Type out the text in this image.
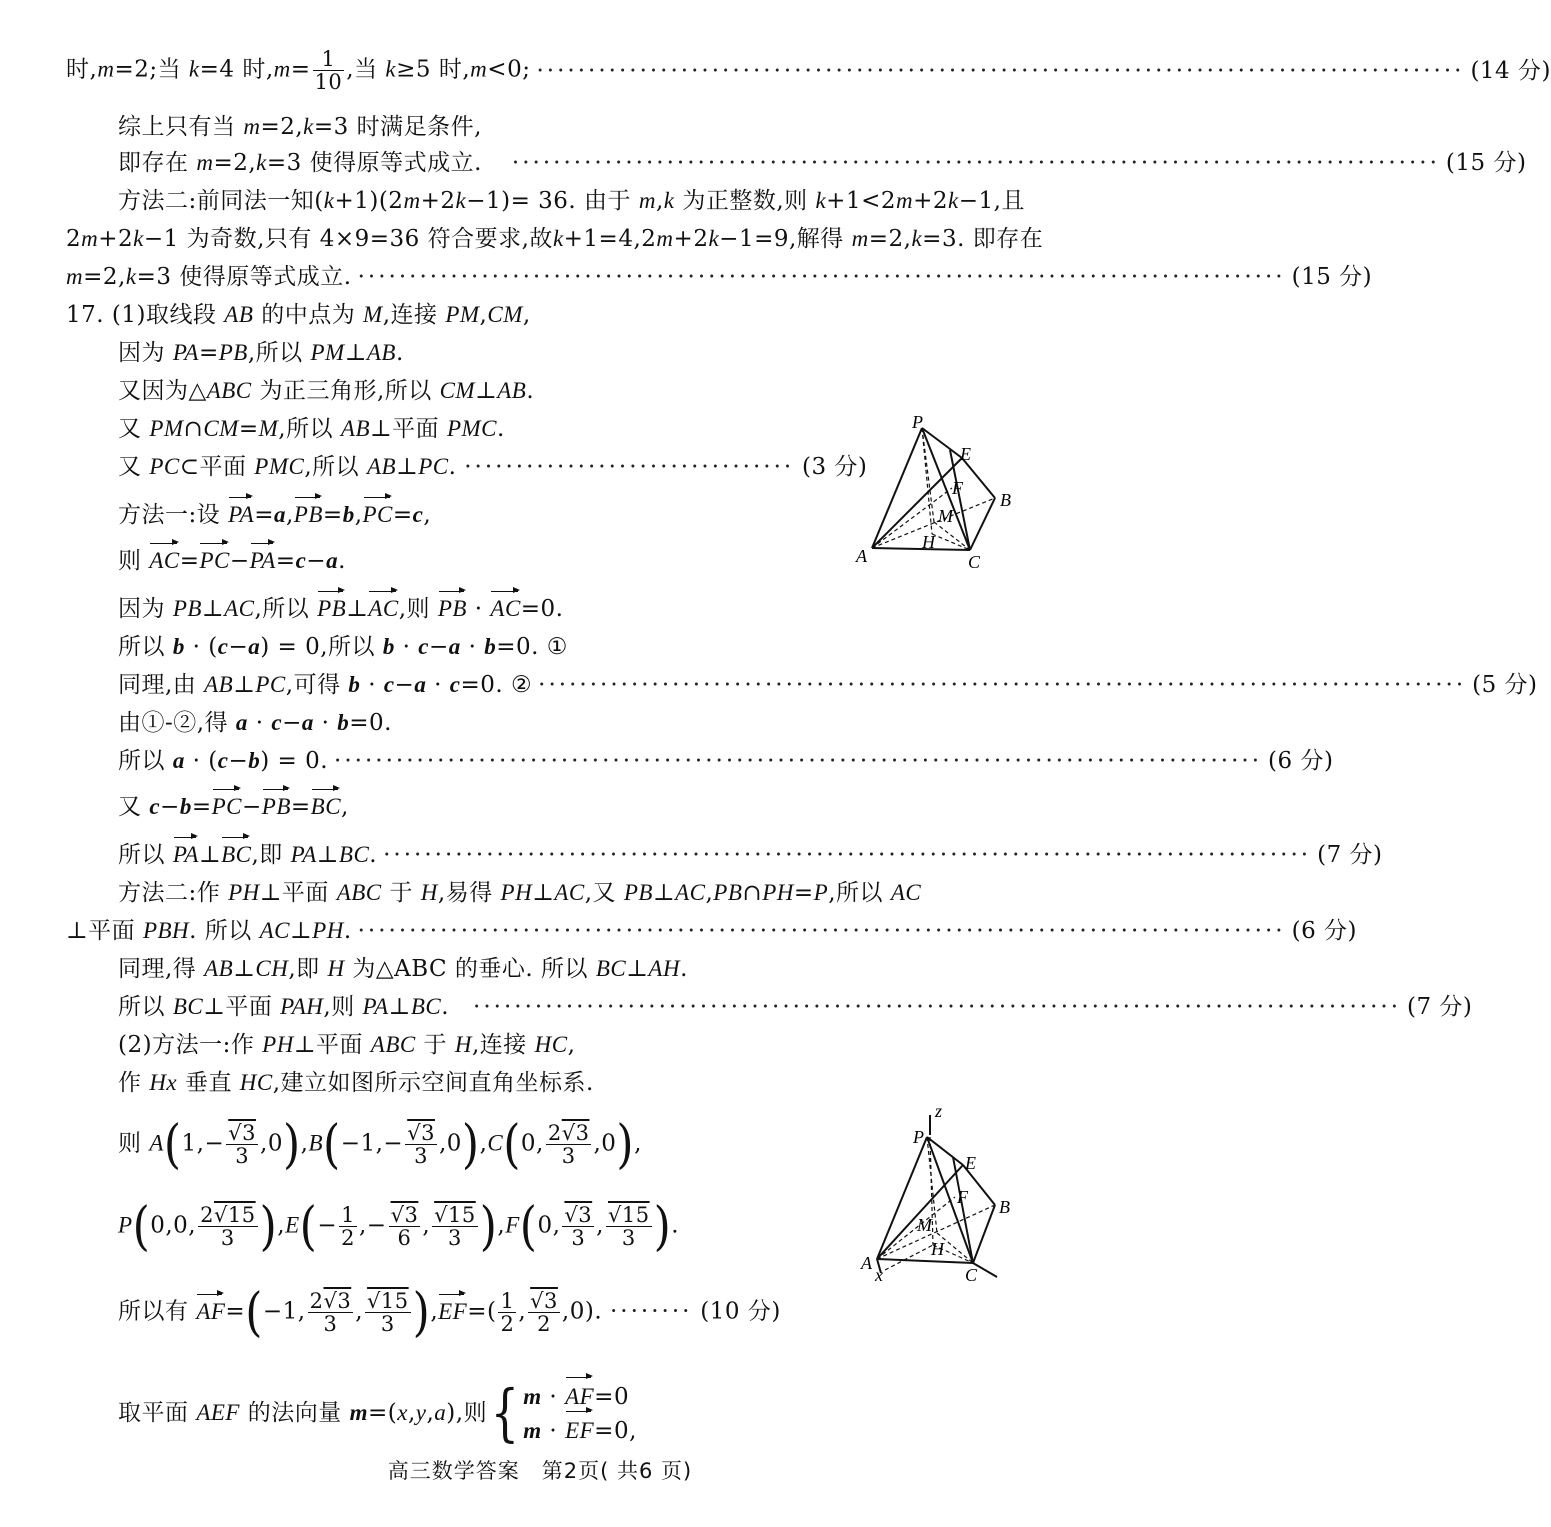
时,m=2;当 k=4 时$,m= \frac{1}{10}$ ,当 k≥5 时,m<0; ·························································································· (14 分)
综上只有当 m=2,k=3 时满足条件,
即存在 m=2,k=3 使得原等式成立. ·························································································· (15 分)
方法二:前同法一知(k+1)(2m+2k−1)= 36. 由于 m,k 为正整数,则 k+1<2m+2k−1,且
2m+2k−1 为奇数,只有 4×9=36 符合要求,故k+1=4,2m+2k−1=9,解得 m=2,k=3. 即存在
m=2,k=3 使得原等式成立. ·························································································· (15 分)
17. (1)取线段 AB 的中点为 M,连接 PM,CM,
因为 PA=PB,所以 PM⊥AB.
又因为△ABC 为正三角形,所以 CM⊥AB.
又 PM∩CM=M,所以 AB⊥平面 PMC.
又 PC⊂平面 PMC,所以 AB⊥PC. ································ (3 分)
方法一:设 PA=a,PB=b,PC=c,
则 AC=PC−PA=c−a.
因为 PB⊥AC,所以 PB⊥AC,则 PB · AC=0.
所以 b · (c−a) = 0,所以 b · c−a · b=0. ①
同理,由 AB⊥PC,可得 b · c−a · c=0. ② ·························································································· (5 分)
由①-②,得 a · c−a · b=0.
所以 a · (c−b) = 0. ·························································································· (6 分)
又 c−b=PC−PB=BC,
所以 PA⊥BC,即 PA⊥BC. ·························································································· (7 分)
方法二:作 PH⊥平面 ABC 于 H,易得 PH⊥AC,又 PB⊥AC,PB∩PH=P,所以 AC
⊥平面 PBH. 所以 AC⊥PH. ·························································································· (6 分)
同理,得 AB⊥CH,即 H 为△ABC 的垂心. 所以 BC⊥AH.
所以 BC⊥平面 PAH,则 PA⊥BC. ·························································································· (7 分)
(2)方法一:作 PH⊥平面 ABC 于 H,连接 HC,
作 Hx 垂直 HC,建立如图所示空间直角坐标系.
则 $A(1,- \frac{√3}{3} ,0),B(-1,- \frac{√3}{3} ,0),C(0$, $\frac{2√3}{3} ,0$),
P(0,0, $\frac{2√15}{3} ),E(- \frac{1}{2}$ ,− $\frac{√3}{6}$ , $\frac{√15}{3} ),F(0$, $\frac{√3}{3}$ , $\frac{√15}{3}$ ).
所以有 AF=(−1, $\frac{2√3}{3}$ , $\frac{√15}{3} ),EF=( \frac{1}{2}$ , $\frac{√3}{2} ,0$). ········ (10 分)
取平面 AEF 的法向量 m=(x,y,a),则 { m · AF=0
m · EF=0,
P
E
F
B
M
H
A	C
z
P
E
F B
M
H
A
x	C
高三数学答案　第2页( 共6 页)
